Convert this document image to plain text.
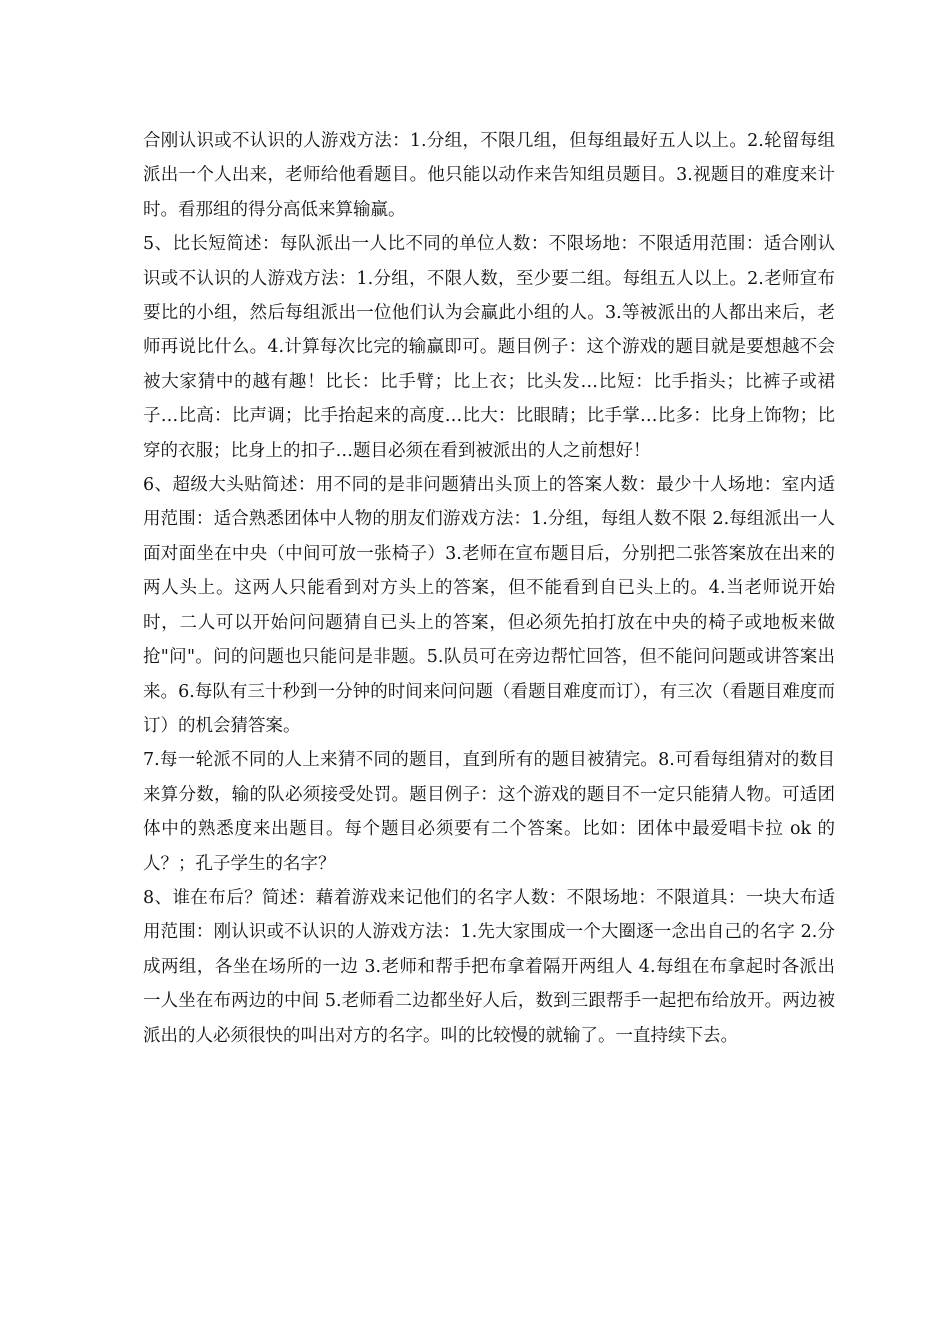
合刚认识或不认识的人游戏方法：1.分组，不限几组，但每组最好五人以上。2.轮留每组派出一个人出来，老师给他看题目。他只能以动作来告知组员题目。3.视题目的难度来计时。看那组的得分高低来算输赢。

5、比长短简述：每队派出一人比不同的单位人数：不限场地：不限适用范围：适合刚认识或不认识的人游戏方法：1.分组，不限人数，至少要二组。每组五人以上。2.老师宣布要比的小组，然后每组派出一位他们认为会赢此小组的人。3.等被派出的人都出来后，老师再说比什么。4.计算每次比完的输赢即可。题目例子：这个游戏的题目就是要想越不会被大家猜中的越有趣！比长：比手臂；比上衣；比头发…比短：比手指头；比裤子或裙子…比高：比声调；比手抬起来的高度…比大：比眼睛；比手掌…比多：比身上饰物；比穿的衣服；比身上的扣子…题目必须在看到被派出的人之前想好！

6、超级大头贴简述：用不同的是非问题猜出头顶上的答案人数：最少十人场地：室内适用范围：适合熟悉团体中人物的朋友们游戏方法：1.分组，每组人数不限 2.每组派出一人面对面坐在中央（中间可放一张椅子）3.老师在宣布题目后，分别把二张答案放在出来的两人头上。这两人只能看到对方头上的答案，但不能看到自已头上的。4.当老师说开始时，二人可以开始问问题猜自已头上的答案，但必须先拍打放在中央的椅子或地板来做抢"问"。问的问题也只能问是非题。5.队员可在旁边帮忙回答，但不能问问题或讲答案出来。6.每队有三十秒到一分钟的时间来问问题（看题目难度而订），有三次（看题目难度而订）的机会猜答案。

7.每一轮派不同的人上来猜不同的题目，直到所有的题目被猜完。8.可看每组猜对的数目来算分数，输的队必须接受处罚。题目例子：这个游戏的题目不一定只能猜人物。可适团体中的熟悉度来出题目。每个题目必须要有二个答案。比如：团体中最爱唱卡拉 ok 的人？；孔子学生的名字？

8、谁在布后？简述：藉着游戏来记他们的名字人数：不限场地：不限道具：一块大布适用范围：刚认识或不认识的人游戏方法：1.先大家围成一个大圈逐一念出自己的名字 2.分成两组，各坐在场所的一边 3.老师和帮手把布拿着隔开两组人 4.每组在布拿起时各派出一人坐在布两边的中间 5.老师看二边都坐好人后，数到三跟帮手一起把布给放开。两边被派出的人必须很快的叫出对方的名字。叫的比较慢的就输了。一直持续下去。
